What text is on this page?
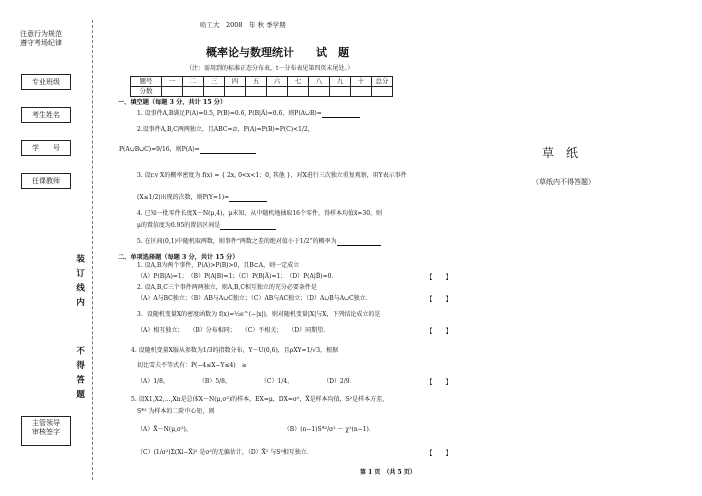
注意行为规范
遵守考场纪律
专业班级
考生姓名
学　　号
任课教师
主管领导
审核签字
装订线内
不得答题
哈工大　2008　年 秋 季学期
概率论与数理统计　　试　题
（注：需用到的标准正态分布表，t－分布表见第四页末尾处。）
题号	一	二	三	四	五	六	七	八	九	十	总分
分数											
一、填空题（每题 3 分，共计 15 分）
1. 设事件A,B满足P(A)=0.5, P(B)=0.6, P(B|A̅)=0.6，则P(A∪B)=
2.设事件A,B,C两两独立，且ABC=∅，P(A)=P(B)=P(C)<1/2，
P(A∪B∪C)=9/16，则P(A)=
3. 设r.v X的概率密度为 f(x) = { 2x, 0<x<1；0, 其他 }，对X进行三次独立重复观察，用Y表示事件
(X≤1/2)出现的次数，则P(Y=1)=
4. 已知一批零件长度X～N(μ,4)，μ未知，从中随机地抽取16个零件，得样本均值x̄=30，则
μ的置信度为0.95的置信区间是
5. 在区间(0,1)中随机取两数，则事件“两数之差的绝对值小于1/2”的概率为
二、单项选择题（每题 3 分，共计 15 分）
1. 设A,B为两个事件，P(A)>P(B)>0，且B⊂A，则一定成立
（A）P(B|A)=1；　（B）P(A|B)=1；（C）P(B|A̅)=1；　（D）P(A|B̅)=0．	【　　】
2. 设A,B,C三个事件两两独立，则A,B,C相互独立的充分必要条件是
（A）A与BC独立；（B）AB与A∪C独立；（C）AB与AC独立；（D）A∪B与A∪C独立．	【　　】
3．设随机变量X的密度函数为 f(x)=½e^(−|x|)，则对随机变量|X|与X，下列结论成立的是
（A）相互独立；　　（B）分布相同；　　（C）不相关；　　（D）同期望.	【　　】
4. 设随机变量X服从参数为1/3的指数分布，Y～U(0,6)，且ρXY=1/√3，根据
切比雪夫不等式有：P(−4≤X−Y≤4)　≥
（A）1/8，	（B）5/8，	（C）1/4，	（D）2/9．	【　　】
5. 设X1,X2,…,Xn是总体X～N(μ,σ²)的样本，EX=μ，DX=σ²，X̄是样本均值，S²是样本方差，
S*² 为样本的二阶中心矩，则
（A）X̄～N(μ,σ²)，	（B）(n−1)S*²/σ² ～ χ²(n−1)．
（C）(1/σ²)Σ(Xi−X̄)² 是σ²的无偏估计，（D）X̄² 与S²相互独立．	【　　】
草　纸
（草纸内不得答题）
第 1 页　（共 5 页）
